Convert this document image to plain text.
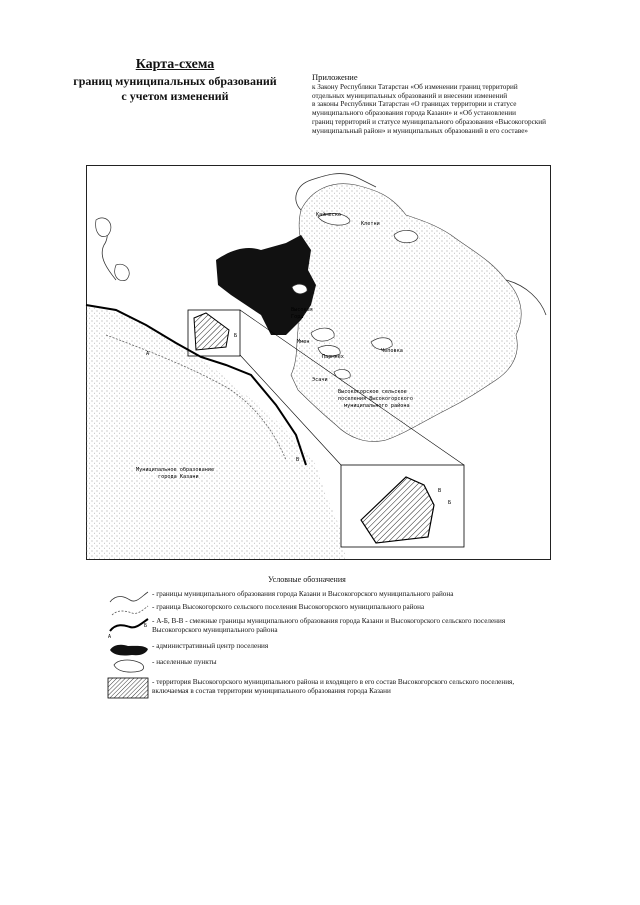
Карта-схема
границ муниципальных образований
с учетом изменений
Приложение
к Закону Республики Татарстан «Об изменении границ территорий
отдельных муниципальных образований и внесении изменений
в законы Республики Татарстан «О границах территории и статусе
муниципального образования города Казани» и «Об установлении
границ территорий и статусе муниципального образования «Высокогорский
муниципальный район» и муниципальных образований в его составе»
Каймеско
Клетни
Высокая
Гора
Ммен
Пармнех
Чеповка
Эсачи
Высокогорское сельское
поселения Высокогорского
муниципального района
Муниципальное образование
города Казани
А
Б
В
В
Б
Условные обозначения
- границы муниципального образования города Казани и Высокогорского муниципального района
- граница Высокогорского сельского поселения Высокогорского муниципального района
А
Б
- А-Б, В-В - смежные границы муниципального образования города Казани и Высокогорского сельского поселения Высокогорского муниципального района
- административный центр поселения
- населенные пункты
- территория Высокогорского муниципального района и входящего в его состав Высокогорского сельского поселения, включаемая в состав территории муниципального образования города Казани
